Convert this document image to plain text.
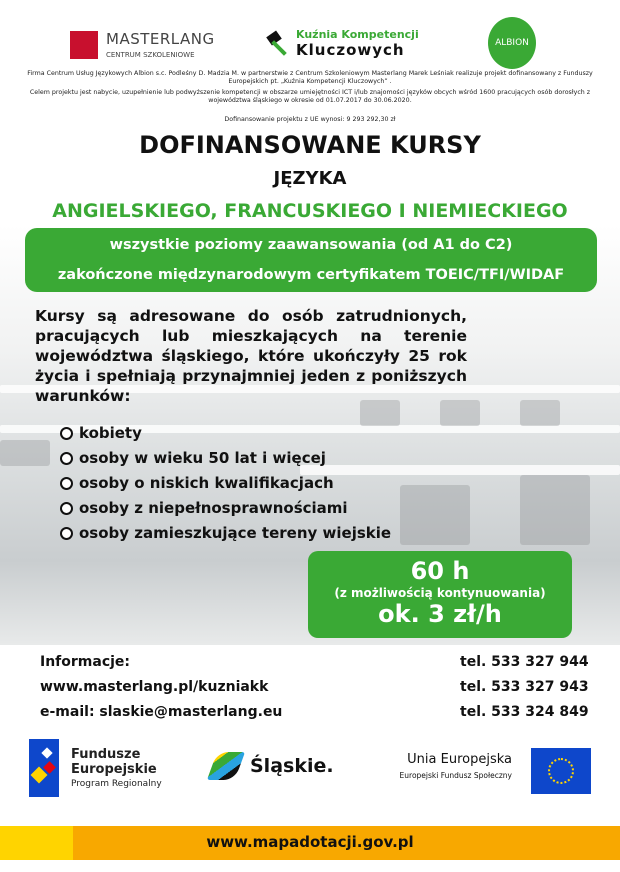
MASTERLANG
CENTRUM SZKOLENIOWE
Kuźnia Kompetencji
Kluczowych	ALBION
Firma Centrum Usług Językowych Albion s.c. Podleśny D. Madzia M. w partnerstwie z Centrum Szkoleniowym Masterlang Marek Leśniak realizuje projekt dofinansowany z Funduszy Europejskich pt. „Kuźnia Kompetencji Kluczowych” .
Celem projektu jest nabycie, uzupełnienie lub podwyższenie kompetencji w obszarze umiejętności ICT i/lub znajomości języków obcych wśród 1600 pracujących osób dorosłych z województwa śląskiego w okresie od 01.07.2017 do 30.06.2020.
Dofinansowanie projektu z UE wynosi: 9 293 292,30 zł
DOFINANSOWANE KURSY
JĘZYKA
ANGIELSKIEGO, FRANCUSKIEGO I NIEMIECKIEGO
wszystkie poziomy zaawansowania (od A1 do C2)
zakończone międzynarodowym certyfikatem TOEIC/TFI/WIDAF
Kursy są adresowane do osób zatrudnionych, pracujących lub mieszkających na terenie województwa śląskiego, które ukończyły 25 rok życia i spełniają przynajmniej jeden z poniższych warunków:
kobiety
osoby w wieku 50 lat i więcej
osoby o niskich kwalifikacjach
osoby z niepełnosprawnościami
osoby zamieszkujące tereny wiejskie
60 h
(z możliwością kontynuowania)
ok. 3 zł/h
Informacje:
www.masterlang.pl/kuzniakk
e-mail: slaskie@masterlang.eu
tel. 533 327 944
tel. 533 327 943
tel. 533 324 849
Fundusze
Europejskie
Program Regionalny
Śląskie.	Unia Europejska
Europejski Fundusz Społeczny
www.mapadotacji.gov.pl
